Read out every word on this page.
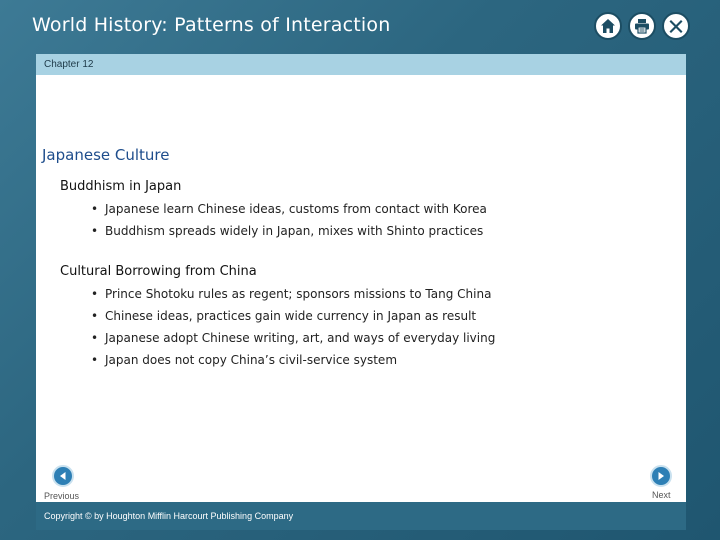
World History: Patterns of Interaction
Chapter 12
Japanese Culture
Buddhism in Japan
• Japanese learn Chinese ideas, customs from contact with Korea
• Buddhism spreads widely in Japan, mixes with Shinto practices
Cultural Borrowing from China
• Prince Shotoku rules as regent; sponsors missions to Tang China
• Chinese ideas, practices gain wide currency in Japan as result
• Japanese adopt Chinese writing, art, and ways of everyday living
• Japan does not copy China’s civil-service system
Previous	Next
Copyright © by Houghton Mifflin Harcourt Publishing Company
